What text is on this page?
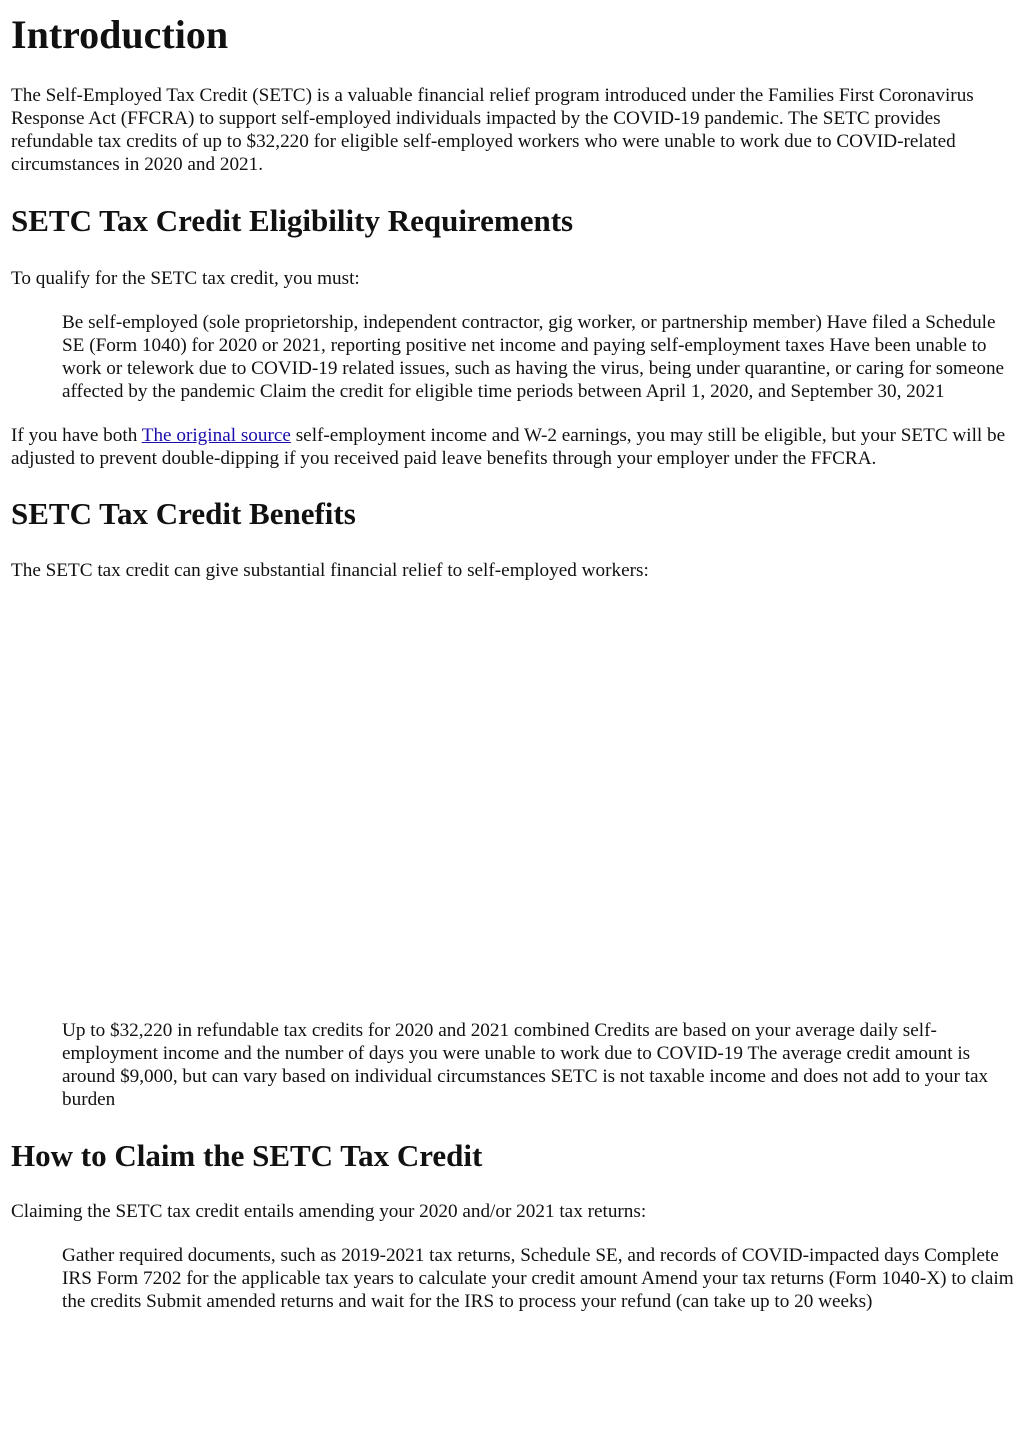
Introduction

The Self-Employed Tax Credit (SETC) is a valuable financial relief program introduced under the Families First Coronavirus Response Act (FFCRA) to support self-employed individuals impacted by the COVID-19 pandemic. The SETC provides refundable tax credits of up to $32,220 for eligible self-employed workers who were unable to work due to COVID-related circumstances in 2020 and 2021.

SETC Tax Credit Eligibility Requirements

To qualify for the SETC tax credit, you must:

Be self-employed (sole proprietorship, independent contractor, gig worker, or partnership member) Have filed a Schedule SE (Form 1040) for 2020 or 2021, reporting positive net income and paying self-employment taxes Have been unable to work or telework due to COVID-19 related issues, such as having the virus, being under quarantine, or caring for someone affected by the pandemic Claim the credit for eligible time periods between April 1, 2020, and September 30, 2021

If you have both The original source self-employment income and W-2 earnings, you may still be eligible, but your SETC will be adjusted to prevent double-dipping if you received paid leave benefits through your employer under the FFCRA.

SETC Tax Credit Benefits

The SETC tax credit can give substantial financial relief to self-employed workers:

Up to $32,220 in refundable tax credits for 2020 and 2021 combined Credits are based on your average daily self-employment income and the number of days you were unable to work due to COVID-19 The average credit amount is around $9,000, but can vary based on individual circumstances SETC is not taxable income and does not add to your tax burden
How to Claim the SETC Tax Credit

Claiming the SETC tax credit entails amending your 2020 and/or 2021 tax returns:

Gather required documents, such as 2019-2021 tax returns, Schedule SE, and records of COVID-impacted days Complete IRS Form 7202 for the applicable tax years to calculate your credit amount Amend your tax returns (Form 1040-X) to claim the credits Submit amended returns and wait for the IRS to process your refund (can take up to 20 weeks)
